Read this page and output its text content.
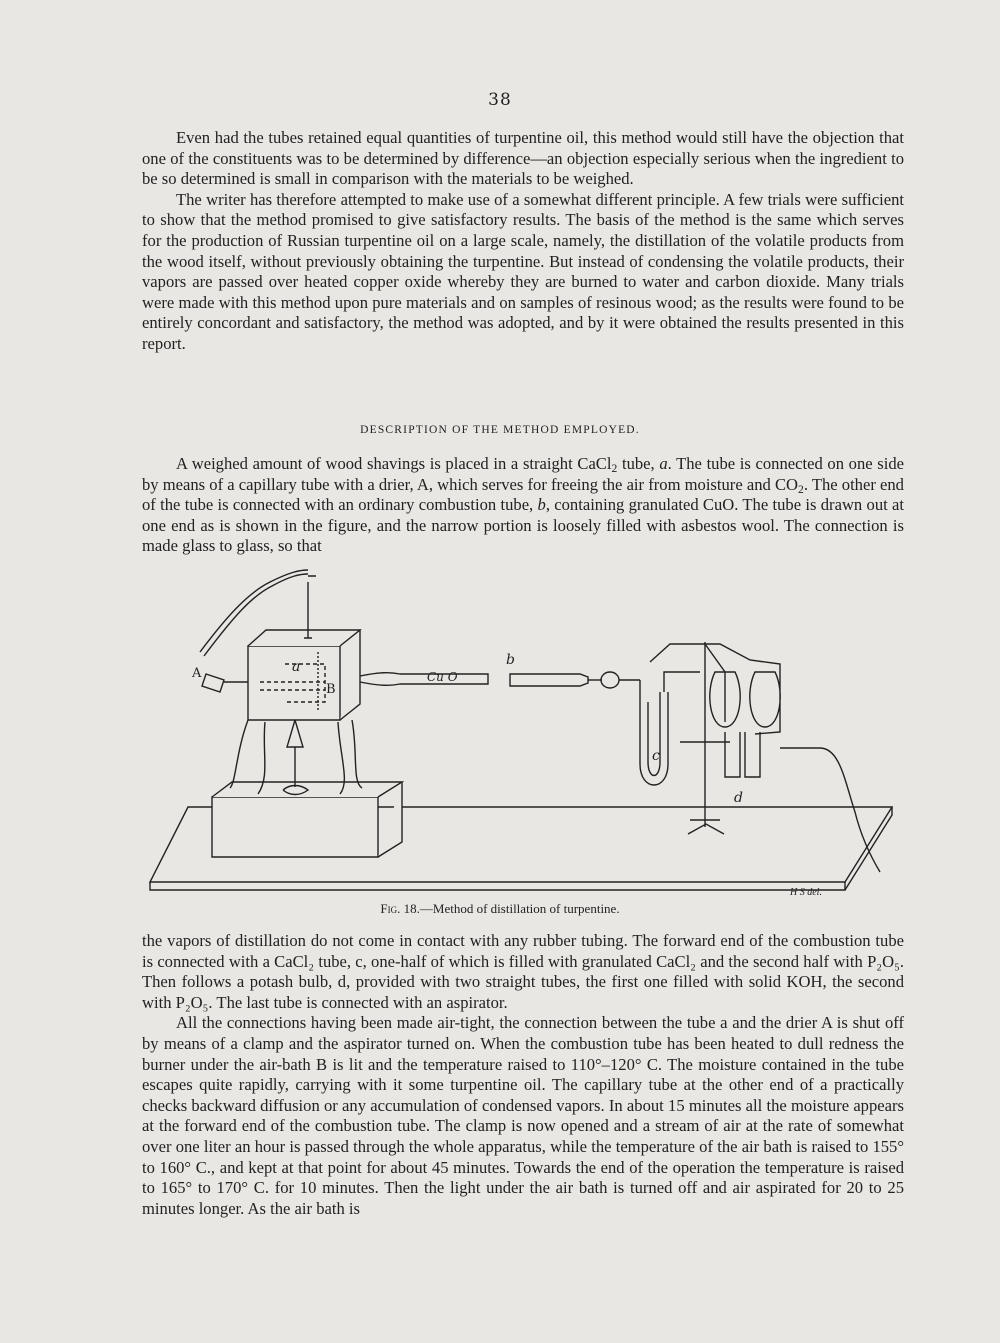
38

Even had the tubes retained equal quantities of turpentine oil, this method would still have the objection that one of the constituents was to be determined by difference—an objection especially serious when the ingredient to be so determined is small in comparison with the materials to be weighed.

The writer has therefore attempted to make use of a somewhat different principle. A few trials were sufficient to show that the method promised to give satisfactory results. The basis of the method is the same which serves for the production of Russian turpentine oil on a large scale, namely, the distillation of the volatile products from the wood itself, without previously obtaining the turpentine. But instead of condensing the volatile products, their vapors are passed over heated copper oxide whereby they are burned to water and carbon dioxide. Many trials were made with this method upon pure materials and on samples of resinous wood; as the results were found to be entirely concordant and satisfactory, the method was adopted, and by it were obtained the results presented in this report.

DESCRIPTION OF THE METHOD EMPLOYED.

A weighed amount of wood shavings is placed in a straight CaCl$_2$ tube, a. The tube is connected on one side by means of a capillary tube with a drier, A, which serves for freeing the air from moisture and $CO_2$. The other end of the tube is connected with an ordinary combustion tube, b, containing granulated CuO. The tube is drawn out at one end as is shown in the figure, and the narrow portion is loosely filled with asbestos wool. The connection is made glass to glass, so that

A	a
B
Cu O
b
c
d
H S del.
Fig. 18.—Method of distillation of turpentine.

the vapors of distillation do not come in contact with any rubber tubing. The forward end of the combustion tube is connected with a CaCl₂ tube, c, one-half of which is filled with granulated CaCl₂ and the second half with P₂O₅. Then follows a potash bulb, d, provided with two straight tubes, the first one filled with solid KOH, the second with P₂O₅. The last tube is connected with an aspirator.

All the connections having been made air-tight, the connection between the tube a and the drier A is shut off by means of a clamp and the aspirator turned on. When the combustion tube has been heated to dull redness the burner under the air-bath B is lit and the temperature raised to 110°–120° C. The moisture contained in the tube escapes quite rapidly, carrying with it some turpentine oil. The capillary tube at the other end of a practically checks backward diffusion or any accumulation of condensed vapors. In about 15 minutes all the moisture appears at the forward end of the combustion tube. The clamp is now opened and a stream of air at the rate of somewhat over one liter an hour is passed through the whole apparatus, while the temperature of the air bath is raised to 155° to 160° C., and kept at that point for about 45 minutes. Towards the end of the operation the temperature is raised to 165° to 170° C. for 10 minutes. Then the light under the air bath is turned off and air aspirated for 20 to 25 minutes longer. As the air bath is
